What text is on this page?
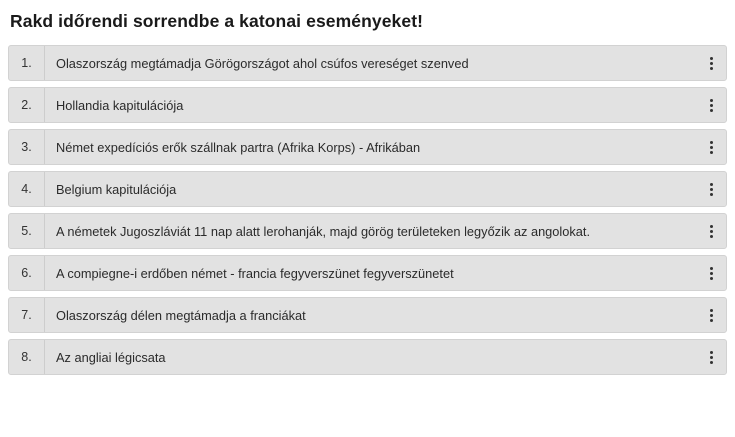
Rakd időrendi sorrendbe a katonai eseményeket!
1.	Olaszország megtámadja Görögországot ahol csúfos vereséget szenved
2.	Hollandia kapitulációja
3.	Német expedíciós erők szállnak partra (Afrika Korps) - Afrikában
4.	Belgium kapitulációja
5.	A németek Jugoszláviát 11 nap alatt lerohanják, majd görög területeken legyőzik az angolokat.
6.	A compiegne-i erdőben német - francia fegyverszünet fegyverszünetet
7.	Olaszország délen megtámadja a franciákat
8.	Az angliai légicsata
